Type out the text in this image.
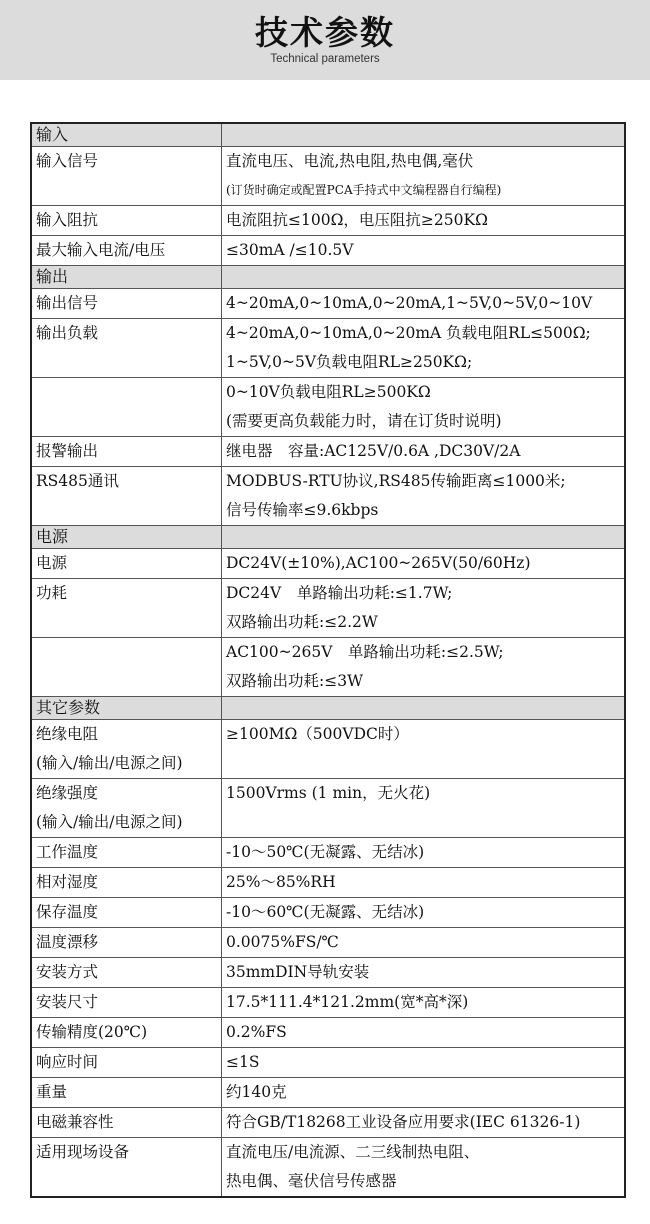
技术参数
Technical parameters
输入	

输入信号	直流电压、电流,热电阻,热电偶,毫伏
(订货时确定或配置PCA手持式中文编程器自行编程)

输入阻抗	电流阻抗≤100Ω，电压阻抗≥250KΩ

最大输入电流/电压	≤30mA /≤10.5V

输出	

输出信号	4~20mA,0~10mA,0~20mA,1~5V,0~5V,0~10V

输出负载	4~20mA,0~10mA,0~20mA 负载电阻RL≤500Ω;
1~5V,0~5V负载电阻RL≥250KΩ;

	0~10V负载电阻RL≥500KΩ
(需要更高负载能力时，请在订货时说明)

报警输出	继电器　容量:AC125V/0.6A ,DC30V/2A

RS485通讯	MODBUS-RTU协议,RS485传输距离≤1000米;
信号传输率≤9.6kbps

电源	

电源	DC24V(±10%),AC100~265V(50/60Hz)

功耗	DC24V　单路输出功耗:≤1.7W;
双路输出功耗:≤2.2W

	AC100~265V　单路输出功耗:≤2.5W;
双路输出功耗:≤3W

其它参数	

绝缘电阻
(输入/输出/电源之间)	≥100MΩ（500VDC时）

绝缘强度
(输入/输出/电源之间)	1500Vrms (1 min，无火花)

工作温度	-10～50℃(无凝露、无结冰)

相对湿度	25%～85%RH

保存温度	-10～60℃(无凝露、无结冰)

温度漂移	0.0075%FS/℃

安装方式	35mmDIN导轨安装

安装尺寸	17.5*111.4*121.2mm(宽*高*深)

传输精度(20℃)	0.2%FS

响应时间	≤1S

重量	约140克

电磁兼容性	符合GB/T18268工业设备应用要求(IEC 61326-1)

适用现场设备	直流电压/电流源、二三线制热电阻、
热电偶、毫伏信号传感器
